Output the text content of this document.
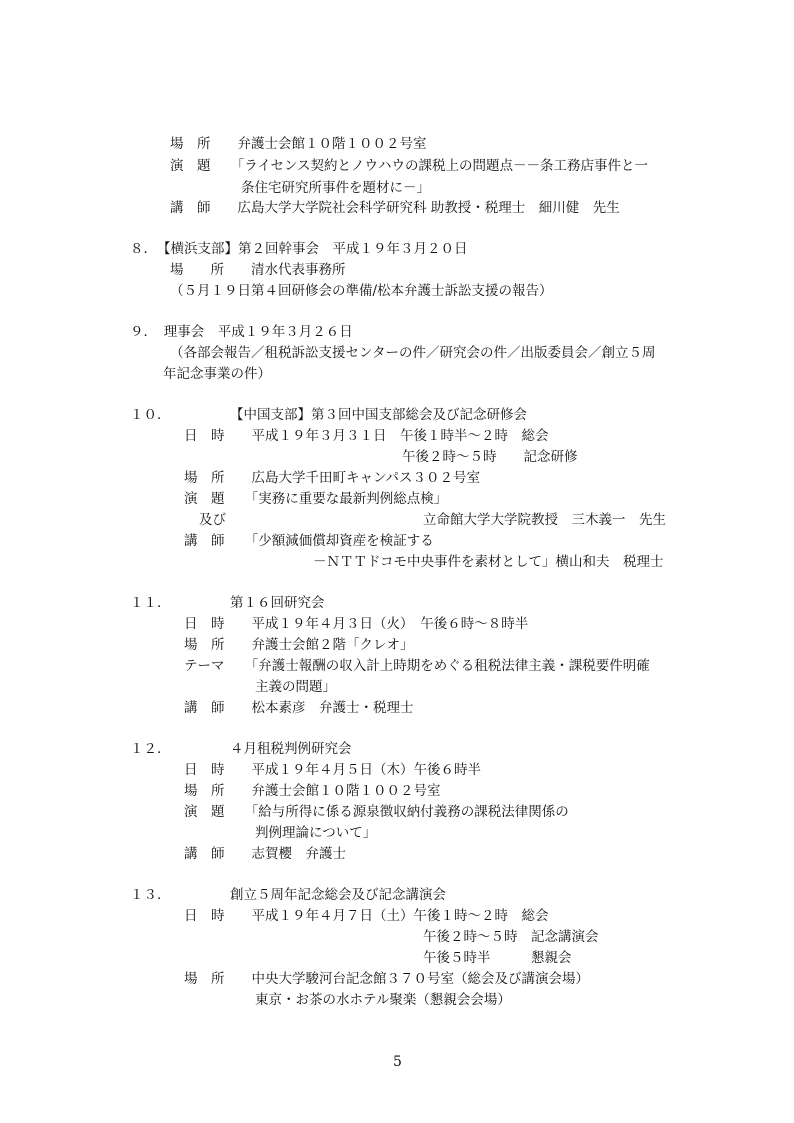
場　所　　弁護士会館１０階１００２号室
演　題　　「ライセンス契約とノウハウの課税上の問題点－－条工務店事件と一
条住宅研究所事件を題材に－」
講　師　　広島大学大学院社会科学研究科 助教授・税理士　細川健　先生
８．　【横浜支部】第２回幹事会　平成１９年３月２０日
場　　所　　清水代表事務所
（５月１９日第４回研修会の準備/松本弁護士訴訟支援の報告）
９．　理事会　平成１９年３月２６日
（各部会報告／租税訴訟支援センターの件／研究会の件／出版委員会／創立５周
年記念事業の件）
１０．	【中国支部】第３回中国支部総会及び記念研修会
日　時　　平成１９年３月３１日　午後１時半～２時　総会
午後２時～５時　　記念研修
場　所　　広島大学千田町キャンパス３０２号室
演　題　　「実務に重要な最新判例総点検」
及び	立命館大学大学院教授　三木義一　先生
講　師　　「少額減価償却資産を検証する
－ＮＴＴドコモ中央事件を素材として」横山和夫　税理士
１１．	第１６回研究会
日　時　　平成１９年４月３日（火）　午後６時～８時半
場　所　　弁護士会館２階「クレオ」
テーマ　　「弁護士報酬の収入計上時期をめぐる租税法律主義・課税要件明確
主義の問題」
講　師　　松本素彦　弁護士・税理士
１２．	４月租税判例研究会
日　時　　平成１９年４月５日（木）午後６時半
場　所　　弁護士会館１０階１００２号室
演　題　　「給与所得に係る源泉徴収納付義務の課税法律関係の
判例理論について」
講　師　　志賀櫻　弁護士
１３．	創立５周年記念総会及び記念講演会
日　時　　平成１９年４月７日（土）午後１時～２時　総会
午後２時～５時　記念講演会
午後５時半　　　懇親会
場　所　　中央大学駿河台記念館３７０号室（総会及び講演会場）
東京・お茶の水ホテル聚楽（懇親会会場）
5
